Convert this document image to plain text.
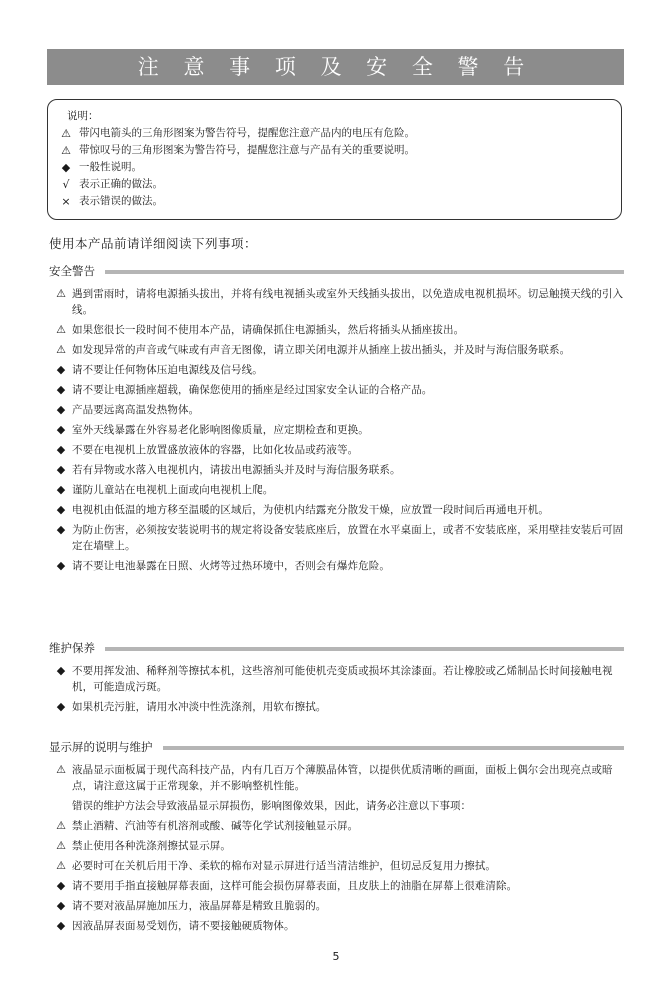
注 意 事 项 及 安 全 警 告
说明：
⚠ 带闪电箭头的三角形图案为警告符号，提醒您注意产品内的电压有危险。
⚠ 带惊叹号的三角形图案为警告符号，提醒您注意与产品有关的重要说明。
◆ 一般性说明。
√ 表示正确的做法。
× 表示错误的做法。
使用本产品前请详细阅读下列事项：
安全警告
⚠ 遇到雷雨时，请将电源插头拔出，并将有线电视插头或室外天线插头拔出，以免造成电视机损坏。切忌触摸天线的引入线。
⚠ 如果您很长一段时间不使用本产品，请确保抓住电源插头，然后将插头从插座拔出。
⚠ 如发现异常的声音或气味或有声音无图像，请立即关闭电源并从插座上拔出插头，并及时与海信服务联系。
◆ 请不要让任何物体压迫电源线及信号线。
◆ 请不要让电源插座超载，确保您使用的插座是经过国家安全认证的合格产品。
◆ 产品要远离高温发热物体。
◆ 室外天线暴露在外容易老化影响图像质量，应定期检查和更换。
◆ 不要在电视机上放置盛放液体的容器，比如化妆品或药液等。
◆ 若有异物或水落入电视机内，请拔出电源插头并及时与海信服务联系。
◆ 谨防儿童站在电视机上面或向电视机上爬。
◆ 电视机由低温的地方移至温暖的区域后，为使机内结露充分散发干燥，应放置一段时间后再通电开机。
◆ 为防止伤害，必须按安装说明书的规定将设备安装底座后，放置在水平桌面上，或者不安装底座，采用壁挂安装后可固定在墙壁上。
◆ 请不要让电池暴露在日照、火烤等过热环境中，否则会有爆炸危险。
维护保养
◆ 不要用挥发油、稀释剂等擦拭本机，这些溶剂可能使机壳变质或损坏其涂漆面。若让橡胶或乙烯制品长时间接触电视机，可能造成污斑。
◆ 如果机壳污脏，请用水冲淡中性洗涤剂，用软布擦拭。
显示屏的说明与维护
⚠ 液晶显示面板属于现代高科技产品，内有几百万个薄膜晶体管，以提供优质清晰的画面，面板上偶尔会出现亮点或暗点，请注意这属于正常现象，并不影响整机性能。
错误的维护方法会导致液晶显示屏损伤，影响图像效果，因此，请务必注意以下事项：
⚠ 禁止酒精、汽油等有机溶剂或酸、碱等化学试剂接触显示屏。
⚠ 禁止使用各种洗涤剂擦拭显示屏。
⚠ 必要时可在关机后用干净、柔软的棉布对显示屏进行适当清洁维护，但切忌反复用力擦拭。
◆ 请不要用手指直接触屏幕表面，这样可能会损伤屏幕表面，且皮肤上的油脂在屏幕上很难清除。
◆ 请不要对液晶屏施加压力，液晶屏幕是精致且脆弱的。
◆ 因液晶屏表面易受划伤，请不要接触硬质物体。
5
